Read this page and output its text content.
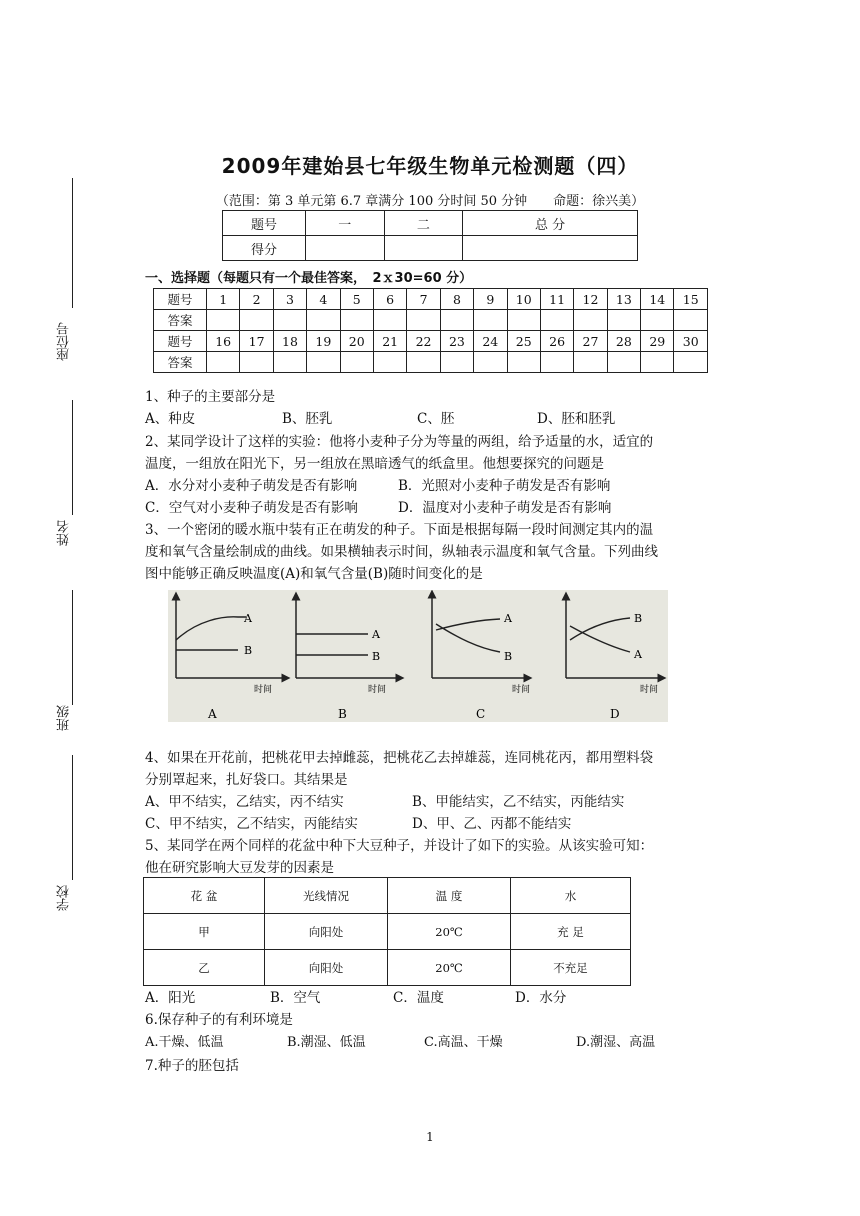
座位号
姓名
班级
学校
2009年建始县七年级生物单元检测题（四）
（范围：第 3 单元第 6.7 章满分 100 分时间 50 分钟　　命题：徐兴美）
题号	一	二	总 分
得分			
一、选择题（每题只有一个最佳答案，　2ｘ30=60 分）
题号	1	2	3	4	5	6	7	8	9	10	11	12	13	14	15
答案															
题号	16	17	18	19	20	21	22	23	24	25	26	27	28	29	30
答案															
1、种子的主要部分是
A、种皮	B、胚乳	C、胚	D、胚和胚乳
2、某同学设计了这样的实验：他将小麦种子分为等量的两组，给予适量的水，适宜的
温度，一组放在阳光下，另一组放在黑暗透气的纸盒里。他想要探究的问题是
A．水分对小麦种子萌发是否有影响	B．光照对小麦种子萌发是否有影响
C．空气对小麦种子萌发是否有影响	D．温度对小麦种子萌发是否有影响
3、一个密闭的暖水瓶中装有正在萌发的种子。下面是根据每隔一段时间测定其内的温
度和氧气含量绘制成的曲线。如果横轴表示时间，纵轴表示温度和氧气含量。下列曲线
图中能够正确反映温度(A)和氧气含量(B)随时间变化的是
A
B
时间
A
A
B
时间
B
A
B
时间
C
B
A
时间
D
4、如果在开花前，把桃花甲去掉雌蕊，把桃花乙去掉雄蕊，连同桃花丙，都用塑料袋
分别罩起来，扎好袋口。其结果是
A、甲不结实，乙结实，丙不结实	B、甲能结实，乙不结实，丙能结实
C、甲不结实，乙不结实，丙能结实	D、甲、乙、丙都不能结实
5、某同学在两个同样的花盆中种下大豆种子，并设计了如下的实验。从该实验可知：
他在研究影响大豆发芽的因素是
花 盆	光线情况	温 度	水
甲	向阳处	20℃	充 足
乙	向阳处	20℃	不充足
A．阳光	B．空气	C．温度	D．水分
6.保存种子的有利环境是
A.干燥、低温	B.潮湿、低温	C.高温、干燥	D.潮湿、高温
7.种子的胚包括
1
